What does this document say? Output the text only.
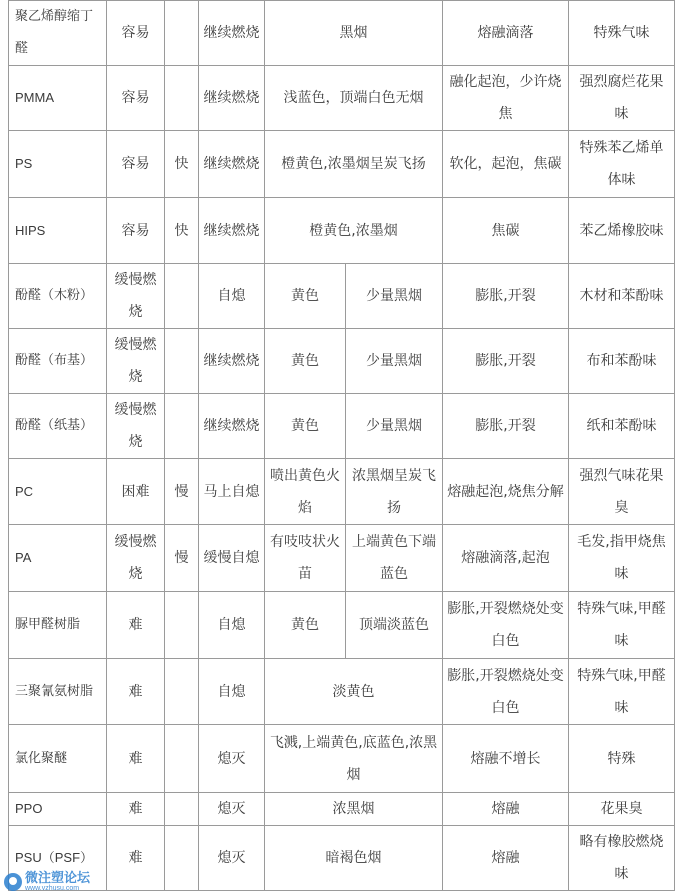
聚乙烯醇缩丁醛	容易		继续燃烧	黑烟		熔融滴落	特殊气味
PMMA	容易		继续燃烧	浅蓝色，顶端白色无烟		融化起泡，少许烧焦	强烈腐烂花果味
PS	容易	快	继续燃烧	橙黄色,浓墨烟呈炭飞扬		软化，起泡，焦碳	特殊苯乙烯单体味
HIPS	容易	快	继续燃烧	橙黄色,浓墨烟		焦碳	苯乙烯橡胶味
酚醛（木粉）	缓慢燃烧		自熄	黄色	少量黑烟	膨胀,开裂	木材和苯酚味
酚醛（布基）	缓慢燃烧		继续燃烧	黄色	少量黑烟	膨胀,开裂	布和苯酚味
酚醛（纸基）	缓慢燃烧		继续燃烧	黄色	少量黑烟	膨胀,开裂	纸和苯酚味
PC	困难	慢	马上自熄	喷出黄色火焰	浓黑烟呈炭飞扬	熔融起泡,烧焦分解	强烈气味花果臭
PA	缓慢燃烧	慢	缓慢自熄	有吱吱状火苗	上端黄色下端蓝色	熔融滴落,起泡	毛发,指甲烧焦味
脲甲醛树脂	难		自熄	黄色	顶端淡蓝色	膨胀,开裂燃烧处变白色	特殊气味,甲醛味
三聚氰氨树脂	难		自熄	淡黄色		膨胀,开裂燃烧处变白色	特殊气味,甲醛味
氯化聚醚	难		熄灭	飞溅,上端黄色,底蓝色,浓黑烟		熔融不增长	特殊
PPO	难		熄灭	浓黑烟		熔融	花果臭
PSU（PSF）	难		熄灭	暗褐色烟		熔融	略有橡胶燃烧味
微注塑论坛
www.vzhusu.com
